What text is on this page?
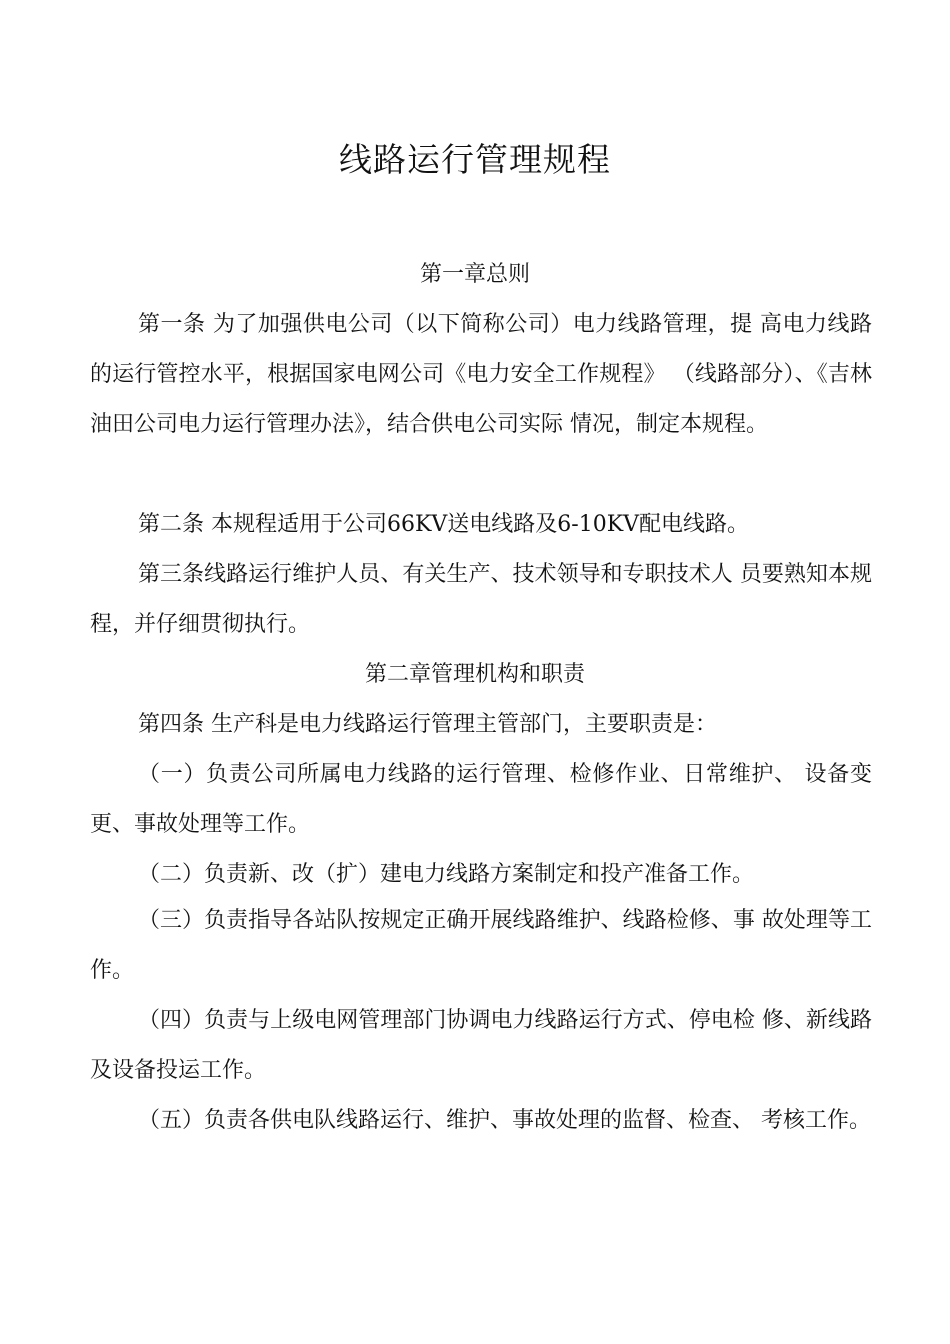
线路运行管理规程
第一章总则

第一条 为了加强供电公司（以下简称公司）电力线路管理，提 高电力线路的运行管控水平，根据国家电网公司《电力安全工作规程》 （线路部分）、《吉林油田公司电力运行管理办法》，结合供电公司实际 情况，制定本规程。

第二条 本规程适用于公司66KV送电线路及6-10KV配电线路。

第三条线路运行维护人员、有关生产、技术领导和专职技术人 员要熟知本规程，并仔细贯彻执行。

第二章管理机构和职责

第四条 生产科是电力线路运行管理主管部门，主要职责是：

（一）负责公司所属电力线路的运行管理、检修作业、日常维护、 设备变更、事故处理等工作。

（二）负责新、改（扩）建电力线路方案制定和投产准备工作。

（三）负责指导各站队按规定正确开展线路维护、线路检修、事 故处理等工作。

（四）负责与上级电网管理部门协调电力线路运行方式、停电检 修、新线路及设备投运工作。

（五）负责各供电队线路运行、维护、事故处理的监督、检查、 考核工作。
